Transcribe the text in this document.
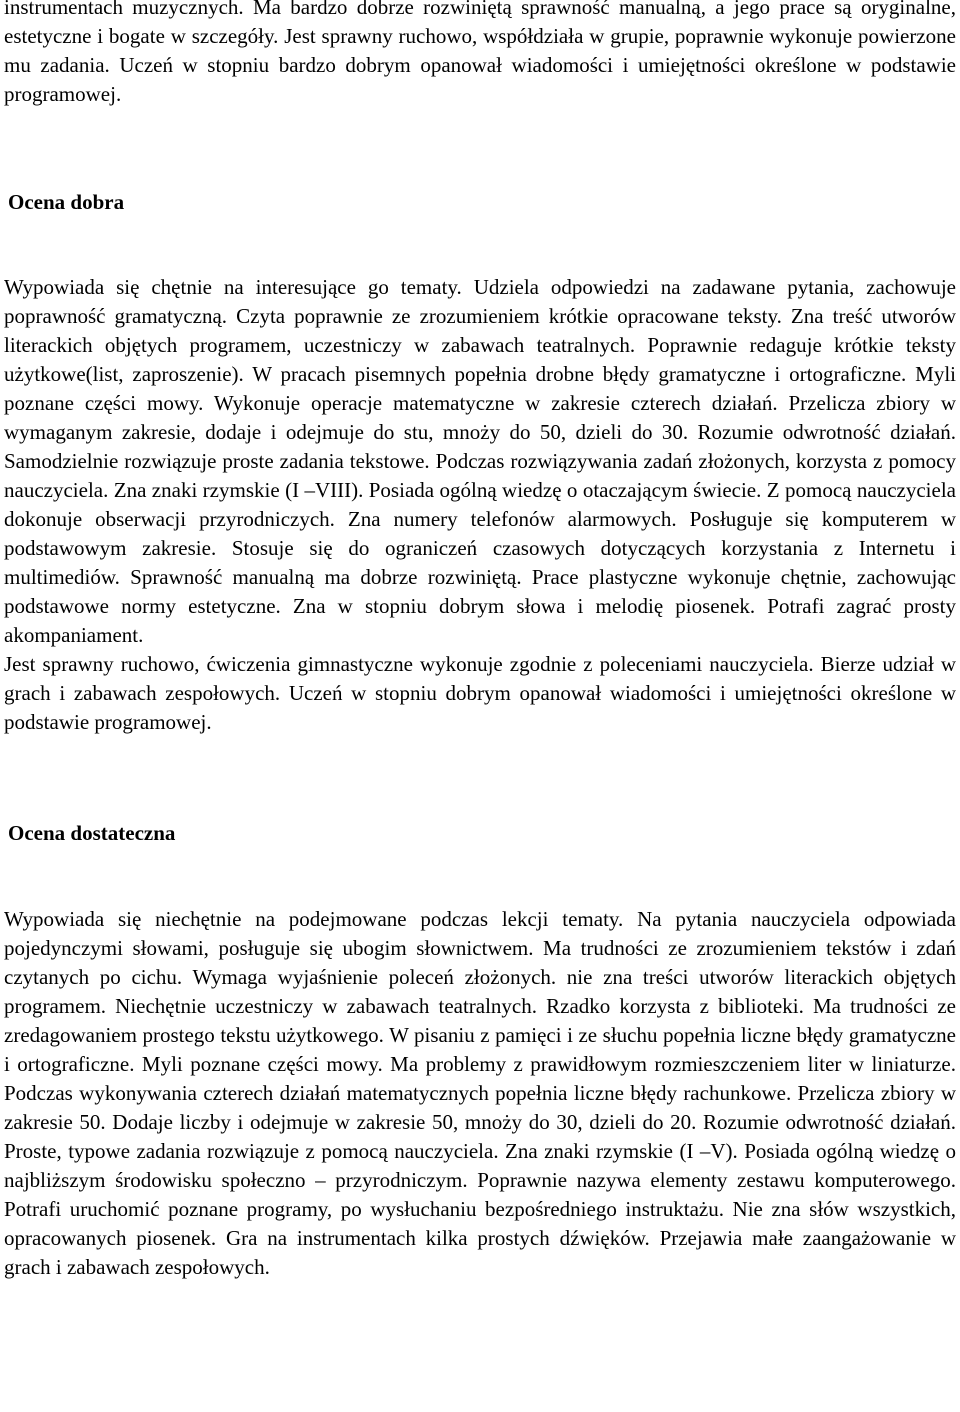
instrumentach muzycznych. Ma bardzo dobrze rozwiniętą sprawność manualną, a jego prace są oryginalne, estetyczne i bogate w szczegóły. Jest sprawny ruchowo, współdziała w grupie, poprawnie wykonuje powierzone mu zadania. Uczeń w stopniu bardzo dobrym opanował wiadomości i umiejętności określone w podstawie programowej.

Ocena dobra

Wypowiada się chętnie na interesujące go tematy. Udziela odpowiedzi na zadawane pytania, zachowuje poprawność gramatyczną. Czyta poprawnie ze zrozumieniem krótkie opracowane teksty. Zna treść utworów literackich objętych programem, uczestniczy w zabawach teatralnych. Poprawnie redaguje krótkie teksty użytkowe(list, zaproszenie). W pracach pisemnych popełnia drobne błędy gramatyczne i ortograficzne. Myli poznane części mowy. Wykonuje operacje matematyczne w zakresie czterech działań. Przelicza zbiory w wymaganym zakresie, dodaje i odejmuje do stu, mnoży do 50, dzieli do 30. Rozumie odwrotność działań. Samodzielnie rozwiązuje proste zadania tekstowe. Podczas rozwiązywania zadań złożonych, korzysta z pomocy nauczyciela. Zna znaki rzymskie (I –VIII). Posiada ogólną wiedzę o otaczającym świecie. Z pomocą nauczyciela dokonuje obserwacji przyrodniczych. Zna numery telefonów alarmowych. Posługuje się komputerem w podstawowym zakresie. Stosuje się do ograniczeń czasowych dotyczących korzystania z Internetu i multimediów. Sprawność manualną ma dobrze rozwiniętą. Prace plastyczne wykonuje chętnie, zachowując podstawowe normy estetyczne. Zna w stopniu dobrym słowa i melodię piosenek. Potrafi zagrać prosty akompaniament.

Jest sprawny ruchowo, ćwiczenia gimnastyczne wykonuje zgodnie z poleceniami nauczyciela. Bierze udział w grach i zabawach zespołowych. Uczeń w stopniu dobrym opanował wiadomości i umiejętności określone w podstawie programowej.

Ocena dostateczna

Wypowiada się niechętnie na podejmowane podczas lekcji tematy. Na pytania nauczyciela odpowiada pojedynczymi słowami, posługuje się ubogim słownictwem. Ma trudności ze zrozumieniem tekstów i zdań czytanych po cichu. Wymaga wyjaśnienie poleceń złożonych. nie zna treści utworów literackich objętych programem. Niechętnie uczestniczy w zabawach teatralnych. Rzadko korzysta z biblioteki. Ma trudności ze zredagowaniem prostego tekstu użytkowego. W pisaniu z pamięci i ze słuchu popełnia liczne błędy gramatyczne i ortograficzne. Myli poznane części mowy. Ma problemy z prawidłowym rozmieszczeniem liter w liniaturze. Podczas wykonywania czterech działań matematycznych popełnia liczne błędy rachunkowe. Przelicza zbiory w zakresie 50. Dodaje liczby i odejmuje w zakresie 50, mnoży do 30, dzieli do 20. Rozumie odwrotność działań. Proste, typowe zadania rozwiązuje z pomocą nauczyciela. Zna znaki rzymskie (I –V). Posiada ogólną wiedzę o najbliższym środowisku społeczno – przyrodniczym. Poprawnie nazywa elementy zestawu komputerowego. Potrafi uruchomić poznane programy, po wysłuchaniu bezpośredniego instruktażu. Nie zna słów wszystkich, opracowanych piosenek. Gra na instrumentach kilka prostych dźwięków. Przejawia małe zaangażowanie w grach i zabawach zespołowych.
